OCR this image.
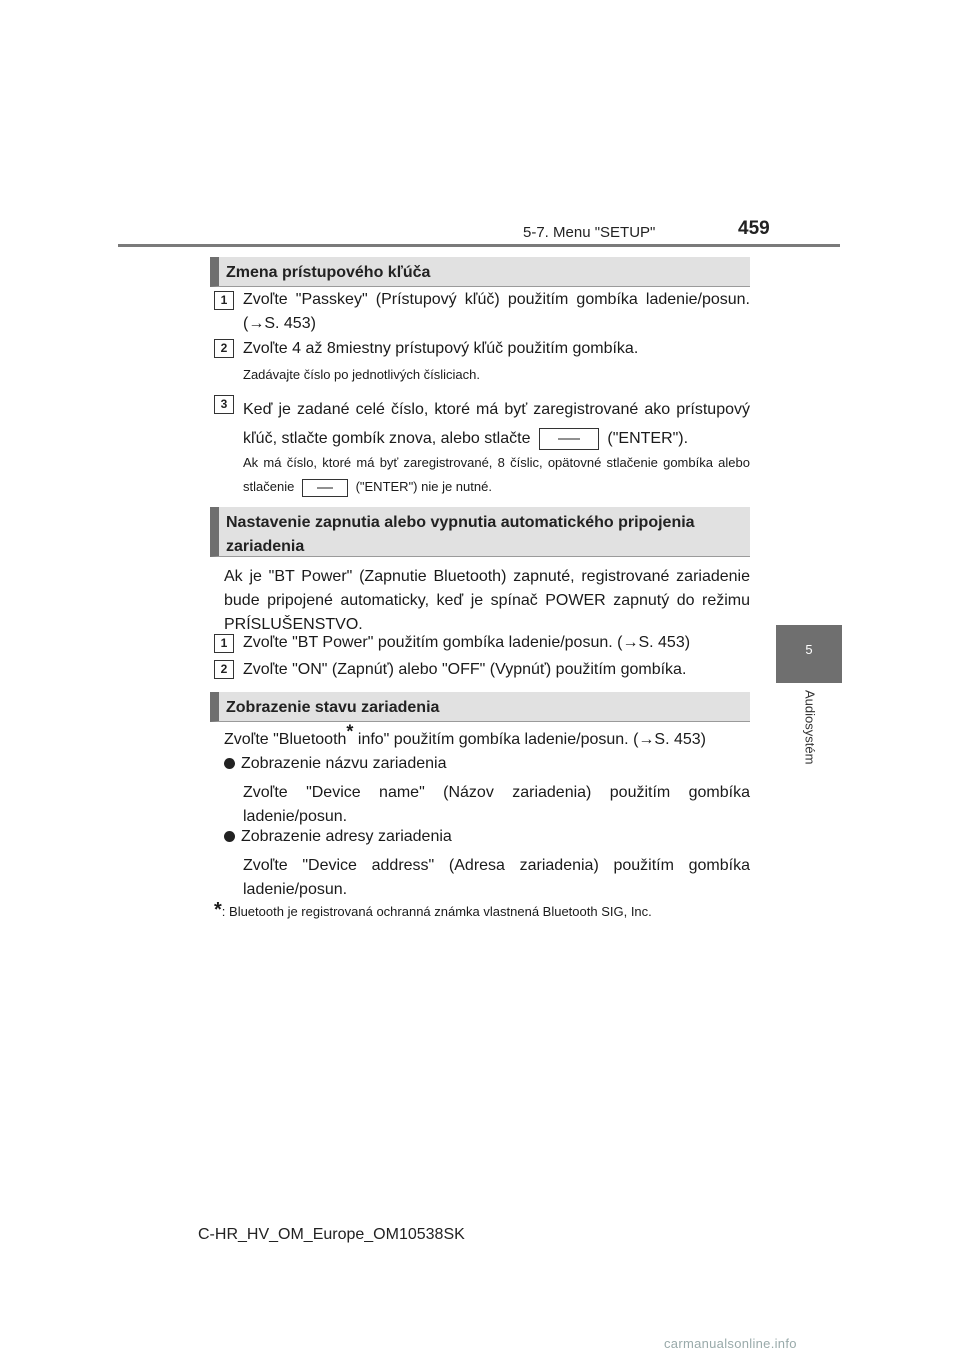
5-7. Menu "SETUP"	459
5
Audiosystém
Zmena prístupového kľúča
1 Zvoľte "Passkey" (Prístupový kľúč) použitím gombíka ladenie/posun. (→S. 453)
2 Zvoľte 4 až 8miestny prístupový kľúč použitím gombíka.
Zadávajte číslo po jednotlivých čísliciach.
3 Keď je zadané celé číslo, ktoré má byť zaregistrované ako prístupový kľúč, stlačte gombík znova, alebo stlačte	("ENTER").
Ak má číslo, ktoré má byť zaregistrované, 8 číslic, opätovné stlačenie gombíka alebo stlačenie	("ENTER") nie je nutné.
Nastavenie zapnutia alebo vypnutia automatického pripojenia zariadenia
Ak je "BT Power" (Zapnutie Bluetooth) zapnuté, registrované zariadenie bude pripojené automaticky, keď je spínač POWER zapnutý do režimu PRÍSLUŠENSTVO.
1 Zvoľte "BT Power" použitím gombíka ladenie/posun. (→S. 453)
2 Zvoľte "ON" (Zapnúť) alebo "OFF" (Vypnúť) použitím gombíka.
Zobrazenie stavu zariadenia
Zvoľte "Bluetooth* info" použitím gombíka ladenie/posun. (→S. 453)
Zobrazenie názvu zariadenia
Zvoľte "Device name" (Názov zariadenia) použitím gombíka ladenie/posun.
Zobrazenie adresy zariadenia
Zvoľte "Device address" (Adresa zariadenia) použitím gombíka ladenie/posun.
*: Bluetooth je registrovaná ochranná známka vlastnená Bluetooth SIG, Inc.
C-HR_HV_OM_Europe_OM10538SK
carmanualsonline.info
